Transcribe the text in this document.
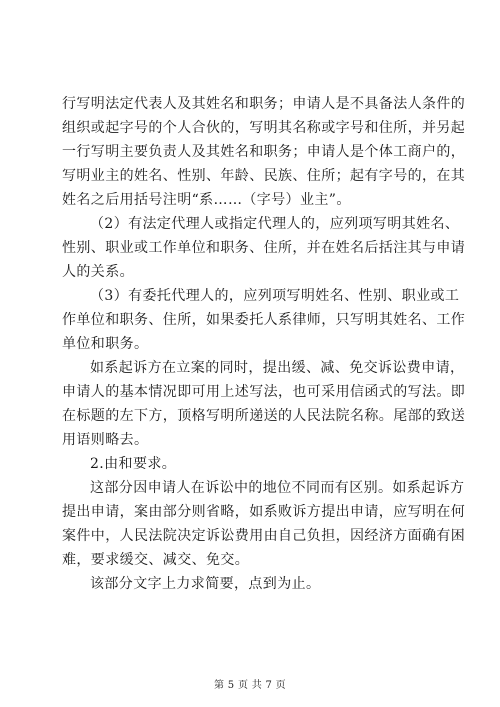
行写明法定代表人及其姓名和职务；申请人是不具备法人条件的
组织或起字号的个人合伙的，写明其名称或字号和住所，并另起
一行写明主要负责人及其姓名和职务；申请人是个体工商户的，
写明业主的姓名、性别、年龄、民族、住所；起有字号的，在其
姓名之后用括号注明“系……（字号）业主”。
（2）有法定代理人或指定代理人的，应列项写明其姓名、
性别、职业或工作单位和职务、住所，并在姓名后括注其与申请
人的关系。
（3）有委托代理人的，应列项写明姓名、性别、职业或工
作单位和职务、住所，如果委托人系律师，只写明其姓名、工作
单位和职务。
如系起诉方在立案的同时，提出缓、减、免交诉讼费申请，
申请人的基本情况即可用上述写法，也可采用信函式的写法。即
在标题的左下方，顶格写明所递送的人民法院名称。尾部的致送
用语则略去。
2.由和要求。
这部分因申请人在诉讼中的地位不同而有区别。如系起诉方
提出申请，案由部分则省略，如系败诉方提出申请，应写明在何
案件中，人民法院决定诉讼费用由自己负担，因经济方面确有困
难，要求缓交、减交、免交。
该部分文字上力求简要，点到为止。
第 5 页 共 7 页
